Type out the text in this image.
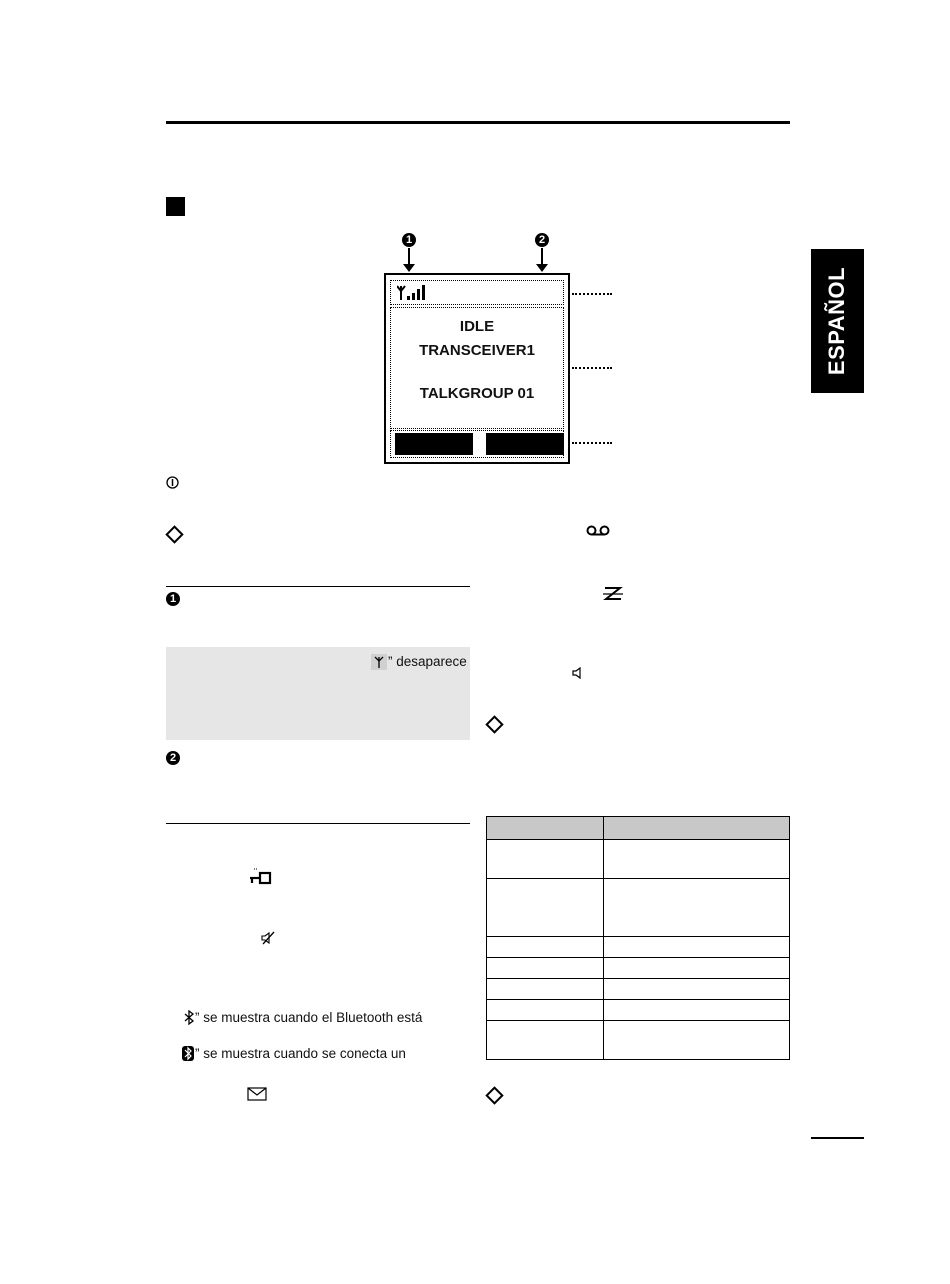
ESPAÑOL
1	2
IDLE
TRANSCEIVER1
TALKGROUP 01
1
2
” desaparece
” se muestra cuando el Bluetooth está
” se muestra cuando se conecta un
